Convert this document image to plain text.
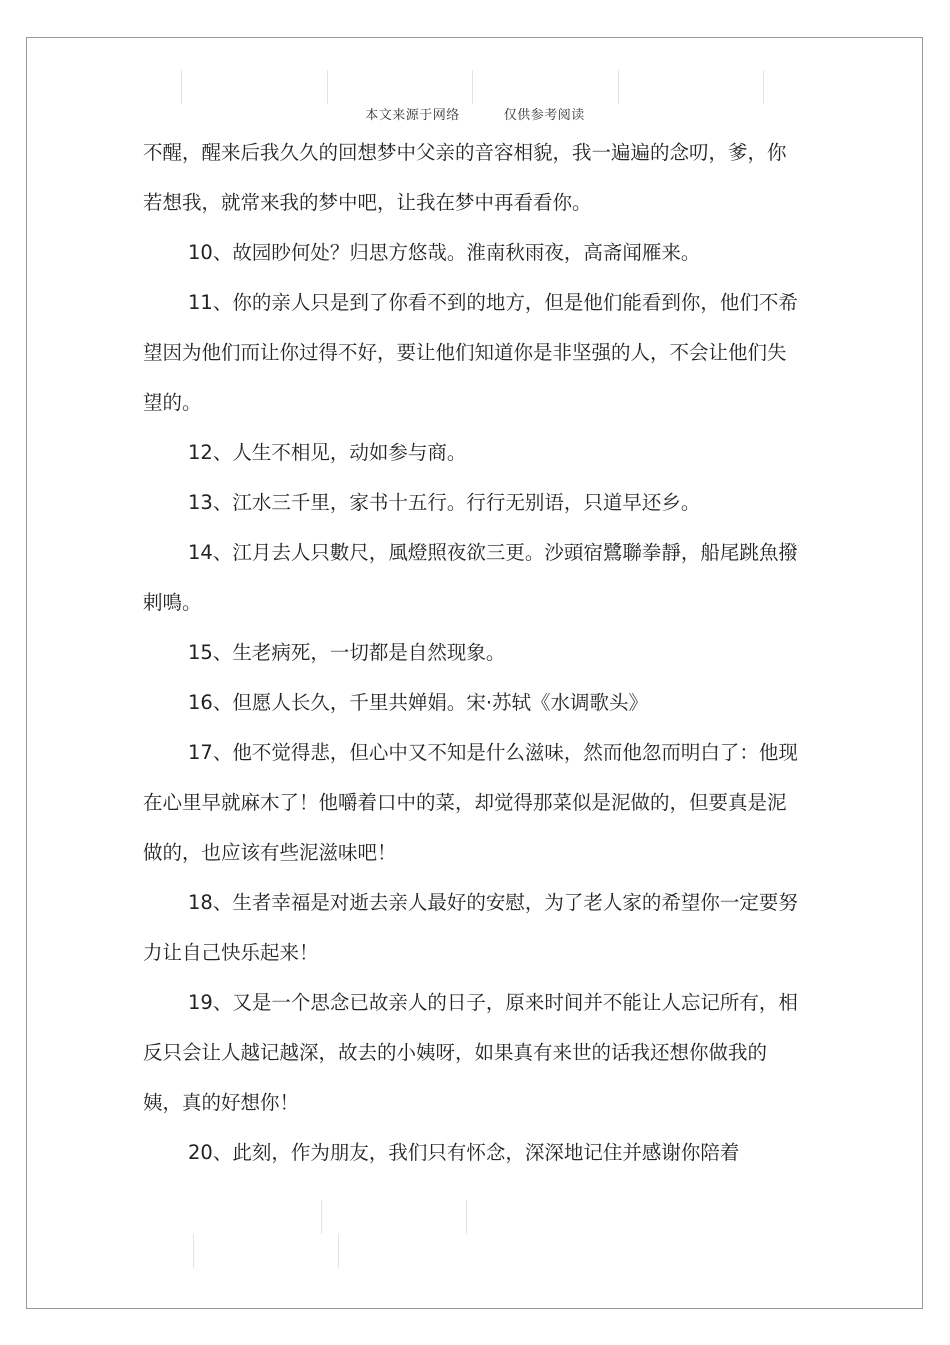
本文来源于网络	仅供参考阅读

不醒，醒来后我久久的回想梦中父亲的音容相貌，我一遍遍的念叨，爹，你若想我，就常来我的梦中吧，让我在梦中再看看你。

10、故园眇何处？归思方悠哉。淮南秋雨夜，高斋闻雁来。

11、你的亲人只是到了你看不到的地方，但是他们能看到你，他们不希望因为他们而让你过得不好，要让他们知道你是非坚强的人，不会让他们失望的。

12、人生不相见，动如参与商。

13、江水三千里，家书十五行。行行无别语，只道早还乡。

14、江月去人只數尺，風燈照夜欲三更。沙頭宿鷺聯拳靜，船尾跳魚撥剌鳴。

15、生老病死，一切都是自然现象。

16、但愿人长久，千里共婵娟。宋·苏轼《水调歌头》

17、他不觉得悲，但心中又不知是什么滋味，然而他忽而明白了：他现在心里早就麻木了！他嚼着口中的菜，却觉得那菜似是泥做的，但要真是泥做的，也应该有些泥滋味吧！

18、生者幸福是对逝去亲人最好的安慰，为了老人家的希望你一定要努力让自己快乐起来！

19、又是一个思念已故亲人的日子，原来时间并不能让人忘记所有，相反只会让人越记越深，故去的小姨呀，如果真有来世的话我还想你做我的姨，真的好想你！

20、此刻，作为朋友，我们只有怀念，深深地记住并感谢你陪着
